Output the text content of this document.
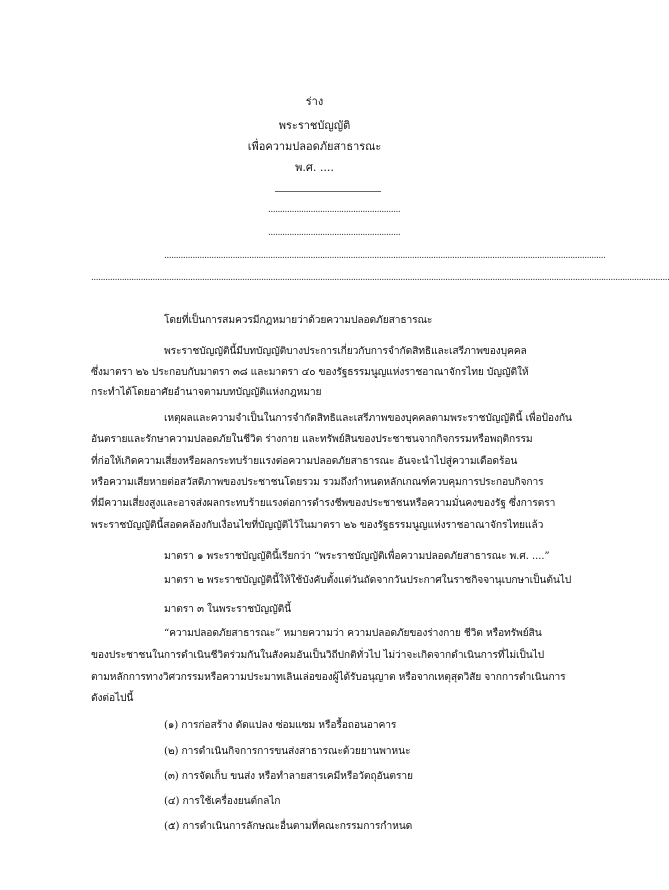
ร่าง
พระราชบัญญัติ
เพื่อความปลอดภัยสาธารณะ
พ.ศ. ....
........................................................
........................................................
...........................................................................................................................................................................................
.....................................................................................................................................................................................................................................................
โดยที่เป็นการสมควรมีกฎหมายว่าด้วยความปลอดภัยสาธารณะ
พระราชบัญญัตินี้มีบทบัญญัติบางประการเกี่ยวกับการจำกัดสิทธิและเสรีภาพของบุคคล
ซึ่งมาตรา ๒๖ ประกอบกับมาตรา ๓๘ และมาตรา ๔๐ ของรัฐธรรมนูญแห่งราชอาณาจักรไทย บัญญัติให้
กระทำได้โดยอาศัยอำนาจตามบทบัญญัติแห่งกฎหมาย
เหตุผลและความจำเป็นในการจำกัดสิทธิและเสรีภาพของบุคคลตามพระราชบัญญัตินี้ เพื่อป้องกัน
อันตรายและรักษาความปลอดภัยในชีวิต ร่างกาย และทรัพย์สินของประชาชนจากกิจกรรมหรือพฤติกรรม
ที่ก่อให้เกิดความเสี่ยงหรือผลกระทบร้ายแรงต่อความปลอดภัยสาธารณะ อันจะนำไปสู่ความเดือดร้อน
หรือความเสียหายต่อสวัสดิภาพของประชาชนโดยรวม รวมถึงกำหนดหลักเกณฑ์ควบคุมการประกอบกิจการ
ที่มีความเสี่ยงสูงและอาจส่งผลกระทบร้ายแรงต่อการดำรงชีพของประชาชนหรือความมั่นคงของรัฐ ซึ่งการตรา
พระราชบัญญัตินี้สอดคล้องกับเงื่อนไขที่บัญญัติไว้ในมาตรา ๒๖ ของรัฐธรรมนูญแห่งราชอาณาจักรไทยแล้ว
มาตรา ๑ พระราชบัญญัตินี้เรียกว่า “พระราชบัญญัติเพื่อความปลอดภัยสาธารณะ พ.ศ. ....”
มาตรา ๒ พระราชบัญญัตินี้ให้ใช้บังคับตั้งแต่วันถัดจากวันประกาศในราชกิจจานุเบกษาเป็นต้นไป
มาตรา ๓ ในพระราชบัญญัตินี้
“ความปลอดภัยสาธารณะ” หมายความว่า ความปลอดภัยของร่างกาย ชีวิต หรือทรัพย์สิน
ของประชาชนในการดำเนินชีวิตร่วมกันในสังคมอันเป็นวิถีปกติทั่วไป ไม่ว่าจะเกิดจากดำเนินการที่ไม่เป็นไป
ตามหลักการทางวิศวกรรมหรือความประมาทเลินเล่อของผู้ได้รับอนุญาต หรือจากเหตุสุดวิสัย จากการดำเนินการ
ดังต่อไปนี้
(๑) การก่อสร้าง ดัดแปลง ซ่อมแซม หรือรื้อถอนอาคาร
(๒) การดำเนินกิจการการขนส่งสาธารณะด้วยยานพาหนะ
(๓) การจัดเก็บ ขนส่ง หรือทำลายสารเคมีหรือวัตถุอันตราย
(๔) การใช้เครื่องยนต์กลไก
(๕) การดำเนินการลักษณะอื่นตามที่คณะกรรมการกำหนด
